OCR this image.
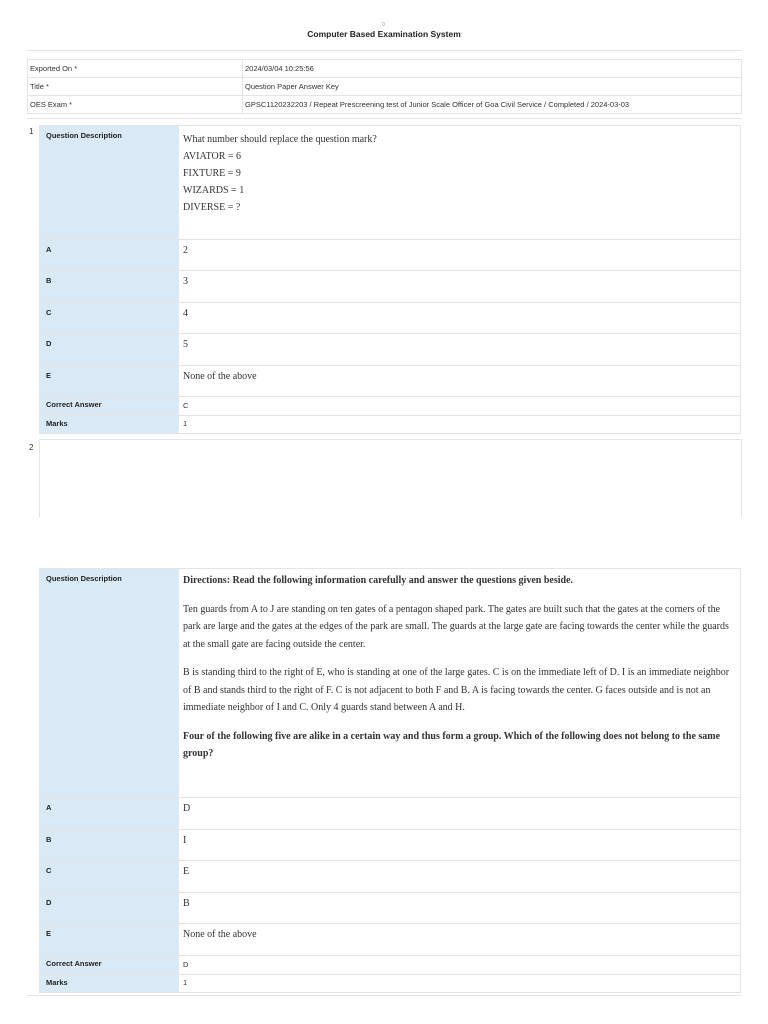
0
Computer Based Examination System
Exported On *	2024/03/04 10:25:56
Title *	Question Paper Answer Key
OES Exam *	GPSC1120232203 / Repeat Prescreening test of Junior Scale Officer of Goa Civil Service / Completed / 2024-03-03
1	Question Description	What number should replace the question mark?
AVIATOR = 6
FIXTURE = 9
WIZARDS = 1
DIVERSE = ?
A	2
B	3
C	4
D	5
E	None of the above
Correct Answer	C
Marks	1
2
Question Description	Directions: Read the following information carefully and answer the questions given beside.

Ten guards from A to J are standing on ten gates of a pentagon shaped park. The gates are built such that the gates at the corners of the park are large and the gates at the edges of the park are small. The guards at the large gate are facing towards the center while the guards at the small gate are facing outside the center.

B is standing third to the right of E, who is standing at one of the large gates. C is on the immediate left of D. I is an immediate neighbor of B and stands third to the right of F. C is not adjacent to both F and B. A is facing towards the center. G faces outside and is not an immediate neighbor of I and C. Only 4 guards stand between A and H.

Four of the following five are alike in a certain way and thus form a group. Which of the following does not belong to the same group?

A	D
B	I
C	E
D	B
E	None of the above
Correct Answer	D
Marks	1
